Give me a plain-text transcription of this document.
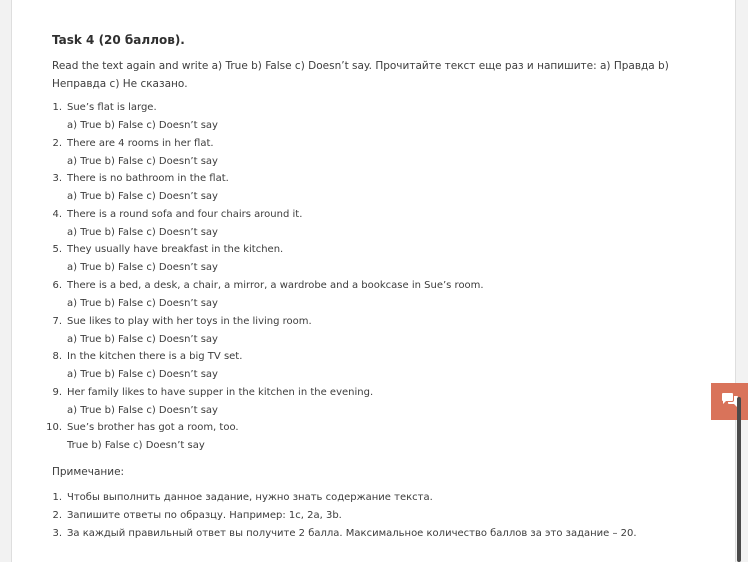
Task 4 (20 баллов).

Read the text again and write a) True b) False c) Doesn’t say. Прочитайте текст еще раз и напишите: а) Правда b) Неправда c) Не сказано.

1. Sue’s flat is large.
a) True b) False c) Doesn’t say
2. There are 4 rooms in her flat.
a) True b) False c) Doesn’t say
3. There is no bathroom in the flat.
a) True b) False c) Doesn’t say
4. There is a round sofa and four chairs around it.
a) True b) False c) Doesn’t say
5. They usually have breakfast in the kitchen.
a) True b) False c) Doesn’t say
6. There is a bed, a desk, a chair, a mirror, a wardrobe and a bookcase in Sue’s room.
a) True b) False c) Doesn’t say
7. Sue likes to play with her toys in the living room.
a) True b) False c) Doesn’t say
8. In the kitchen there is a big TV set.
a) True b) False c) Doesn’t say
9. Her family likes to have supper in the kitchen in the evening.
a) True b) False c) Doesn’t say
10. Sue’s brother has got a room, too.
True b) False c) Doesn’t say

Примечание:

1. Чтобы выполнить данное задание, нужно знать содержание текста.
2. Запишите ответы по образцу. Например: 1c, 2a, 3b.
3. За каждый правильный ответ вы получите 2 балла. Максимальное количество баллов за это задание – 20.
